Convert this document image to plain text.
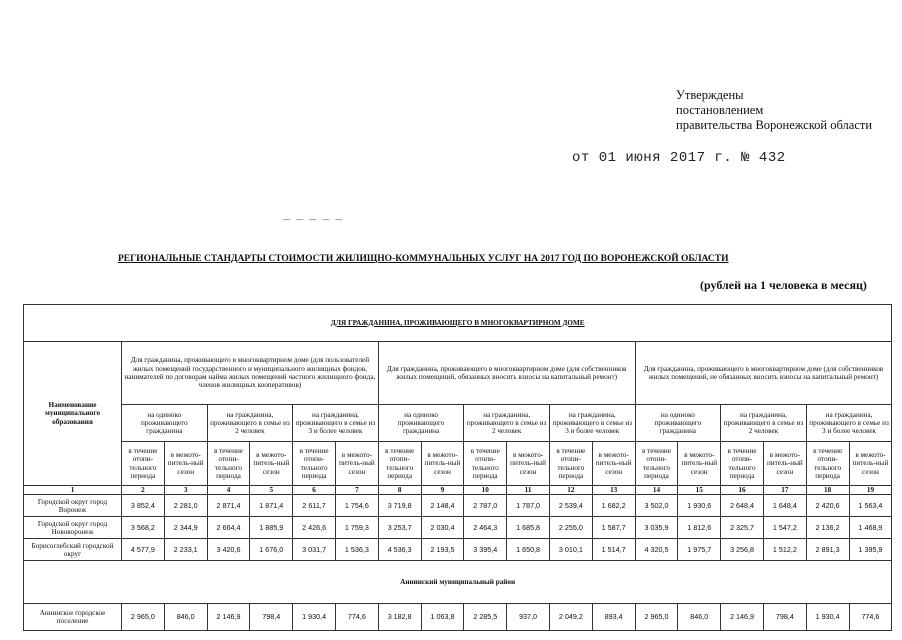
Утверждены
постановлением
правительства Воронежской области
от 01 июня 2017 г. № 432
_ _ _ _ _
РЕГИОНАЛЬНЫЕ СТАНДАРТЫ СТОИМОСТИ ЖИЛИЩНО-КОММУНАЛЬНЫХ УСЛУГ НА 2017 ГОД ПО ВОРОНЕЖСКОЙ ОБЛАСТИ
(рублей на 1 человека в месяц)
ДЛЯ ГРАЖДАНИНА, ПРОЖИВАЮЩЕГО В МНОГОКВАРТИРНОМ ДОМЕ																		
Наименование муниципального образования	Для гражданина, проживающего в многоквартирном доме (для пользователей жилых помещений государственного и муниципального жилищных фондов, нанимателей по договорам найма жилых помещений частного жилищного фонда, членов жилищных кооперативов)						Для гражданина, проживающего в многоквартирном доме (для собственников жилых помещений, обязанных вносить взносы на капитальный ремонт)						Для гражданина, проживающего в многоквартирном доме (для собственников жилых помещений, не обязанных вносить взносы на капитальный ремонт)					
	на одиноко проживающего гражданина		на гражданина, проживающего в семье из 2 человек		на гражданина, проживающего в семье из 3 и более человек		на одиноко проживающего гражданина		на гражданина, проживающего в семье из 2 человек		на гражданина, проживающего в семье из 3 и более человек		на одиноко проживающего гражданина		на гражданина, проживающего в семье из 2 человек		на гражданина, проживающего в семье из 3 и более человек	
	в течение отопи-тельного периода	в межото-питель-ный сезон	в течение отопи-тельного периода	в межото-питель-ный сезон	в течение отопи-тельного периода	в межото-питель-ный сезон	в течение отопи-тельного периода	в межото-питель-ный сезон	в течение отопи-тельного периода	в межото-питель-ный сезон	в течение отопи-тельного периода	в межото-питель-ный сезон	в течение отопи-тельного периода	в межото-питель-ный сезон	в течение отопи-тельного периода	в межото-питель-ный сезон	в течение отопи-тельного периода	в межото-питель-ный сезон
1	2	3	4	5	6	7	8	9	10	11	12	13	14	15	16	17	18	19
Городской округ город Воронеж	3 852,4	2 281,0	2 871,4	1 871,4	2 611,7	1 754,6	3 719,8	2 148,4	2 787,0	1 787,0	2 539,4	1 682,2	3 502,0	1 930,6	2 648,4	1 648,4	2 420,6	1 563,4
Городской округ город Нововоронеж	3 568,2	2 344,9	2 664,4	1 885,9	2 426,6	1 759,3	3 253,7	2 030,4	2 464,3	1 685,8	2 255,0	1 587,7	3 035,9	1 812,6	2 325,7	1 547,2	2 136,2	1 468,9
Борисоглебский городской округ	4 577,9	2 233,1	3 420,6	1 676,0	3 031,7	1 536,3	4 536,3	2 193,5	3 395,4	1 650,8	3 010,1	1 514,7	4 320,5	1 975,7	3 256,8	1 512,2	2 891,3	1 395,9
Аннинский муниципальный район																		
Аннинское городское поселение	2 965,0	846,0	2 146,9	798,4	1 930,4	774,6	3 182,8	1 063,8	2 285,5	937,0	2 049,2	893,4	2 965,0	846,0	2 146,9	798,4	1 930,4	774,6
